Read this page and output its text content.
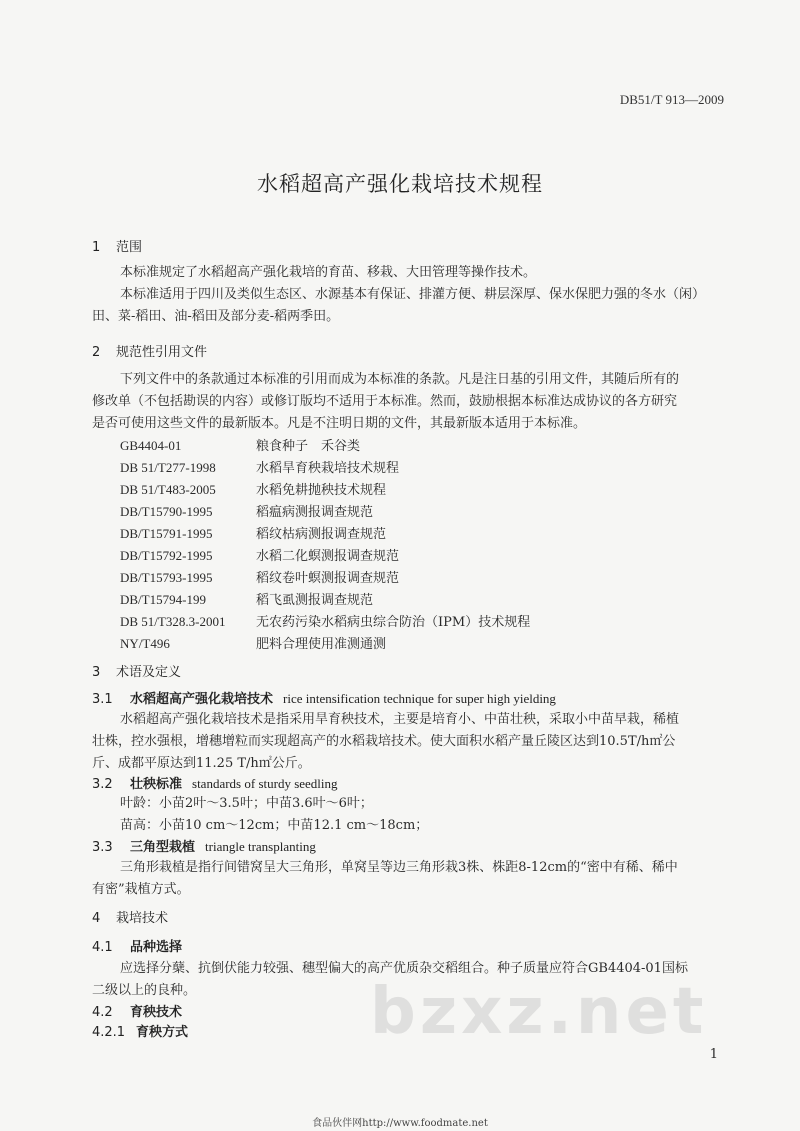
DB51/T 913—2009
水稻超高产强化栽培技术规程
1 范围
本标准规定了水稻超高产强化栽培的育苗、移栽、大田管理等操作技术。
本标准适用于四川及类似生态区、水源基本有保证、排灌方便、耕层深厚、保水保肥力强的冬水（闲）
田、菜-稻田、油-稻田及部分麦-稻两季田。
2 规范性引用文件
下列文件中的条款通过本标准的引用而成为本标准的条款。凡是注日基的引用文件，其随后所有的
修改单（不包括勘误的内容）或修订版均不适用于本标准。然而，鼓励根据本标准达成协议的各方研究
是否可使用这些文件的最新版本。凡是不注明日期的文件，其最新版本适用于本标准。
GB4404-01	粮食种子　禾谷类
DB 51/T277-1998	水稻旱育秧栽培技术规程
DB 51/T483-2005	水稻免耕抛秧技术规程
DB/T15790-1995	稻瘟病测报调查规范
DB/T15791-1995	稻纹枯病测报调查规范
DB/T15792-1995	水稻二化螟测报调查规范
DB/T15793-1995	稻纹卷叶螟测报调查规范
DB/T15794-199	稻飞虱测报调查规范
DB 51/T328.3-2001 无农药污染水稻病虫综合防治（IPM）技术规程
NY/T496	肥料合理使用准测通测
3 术语及定义
3.1 水稻超高产强化栽培技术 rice intensification technique for super high yielding
水稻超高产强化栽培技术是指采用旱育秧技术，主要是培育小、中苗壮秧，采取小中苗早栽，稀植
壮株，控水强根，增穗增粒而实现超高产的水稻栽培技术。使大面积水稻产量丘陵区达到10.5T/h㎡公
斤、成都平原达到11.25 T/h㎡公斤。
3.2 壮秧标准 standards of sturdy seedling
叶龄：小苗2叶～3.5叶；中苗3.6叶～6叶；
苗高：小苗10 cm～12cm；中苗12.1 cm～18cm；
3.3 三角型栽植 triangle transplanting
三角形栽植是指行间错窝呈大三角形，单窝呈等边三角形栽3株、株距8-12cm的“密中有稀、稀中
有密”栽植方式。
4 栽培技术
4.1 品种选择
应选择分蘖、抗倒伏能力较强、穗型偏大的高产优质杂交稻组合。种子质量应符合GB4404-01国标
二级以上的良种。
4.2 育秧技术
4.2.1 育秧方式	bzxz.net
1
食品伙伴网http://www.foodmate.net
